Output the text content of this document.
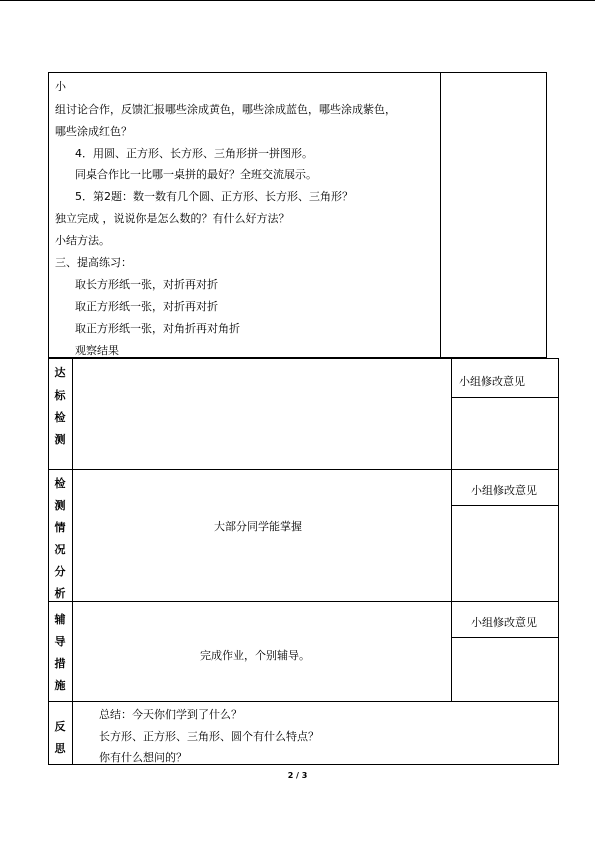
小
组讨论合作，反馈汇报哪些涂成黄色，哪些涂成蓝色，哪些涂成紫色，
哪些涂成红色？
4．用圆、正方形、长方形、三角形拼一拼图形。
同桌合作比一比哪一桌拼的最好？全班交流展示。
5．第2题：数一数有几个圆、正方形、长方形、三角形？
独立完成 ，说说你是怎么数的？有什么好方法？
小结方法。
三、提高练习：
取长方形纸一张，对折再对折
取正方形纸一张，对折再对折
取正方形纸一张，对角折再对角折
观察结果
达
标
检
测
小组修改意见
检
测
情
况
分
析
大部分同学能掌握
小组修改意见
辅
导
措
施
完成作业，个别辅导。
小组修改意见
反
思
总结：今天你们学到了什么？
长方形、正方形、三角形、圆个有什么特点？
你有什么想问的？
2 / 3
